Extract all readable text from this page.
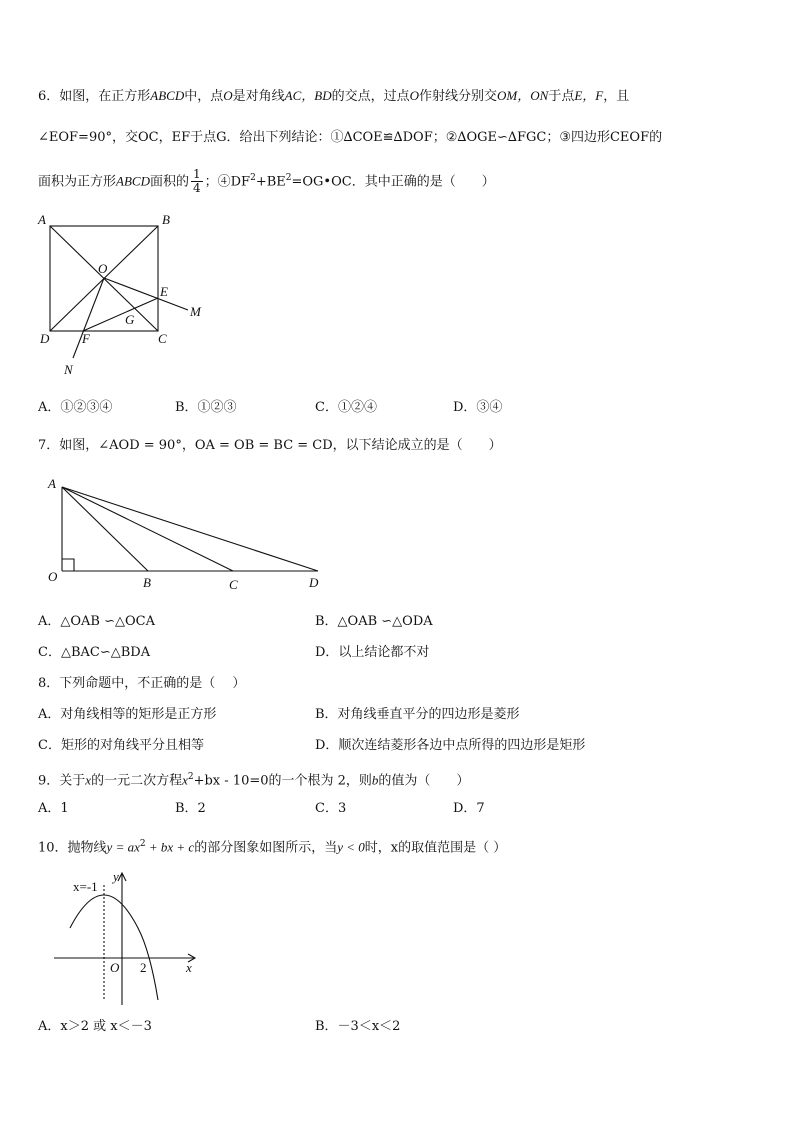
6．如图，在正方形ABCD中，点O是对角线AC，BD的交点，过点O作射线分别交OM，ON于点E，F，且
∠EOF=90°，交OC，EF于点G．给出下列结论：①∆COE≌∆DOF；②∆OGE∽∆FGC；③四边形CEOF的
面积为正方形ABCD面积的 $\frac{1}{4}$ ；$④DF^2+BE^2=OG•OC$．其中正确的是（　　）
A	B
O
E
G
M
D	F	C
N
A．①②③④	B．①②③	C．①②④	D．③④
7．如图，∠AOD = 90°，OA = OB = BC = CD，以下结论成立的是（　　）
A
O	B	C	D
A．△OAB ∽△OCA	B．△OAB ∽△ODA
C．△BAC∽△BDA	D．以上结论都不对
8．下列命题中，不正确的是（　 ）
A．对角线相等的矩形是正方形	B．对角线垂直平分的四边形是菱形
C．矩形的对角线平分且相等	D．顺次连结菱形各边中点所得的四边形是矩形
9．关于x的一元二次方程$x^2+bx - 10=0$的一个根为 2，则b的值为（　　）
A．1	B．2	C．3	D．7
10．抛物线$y = ax^2$ + bx + c的部分图象如图所示，当y < 0时，x的取值范围是（ ）
x=-1
y
x
O 2
A．x＞2 或 x＜－3	B．－3＜x＜2
